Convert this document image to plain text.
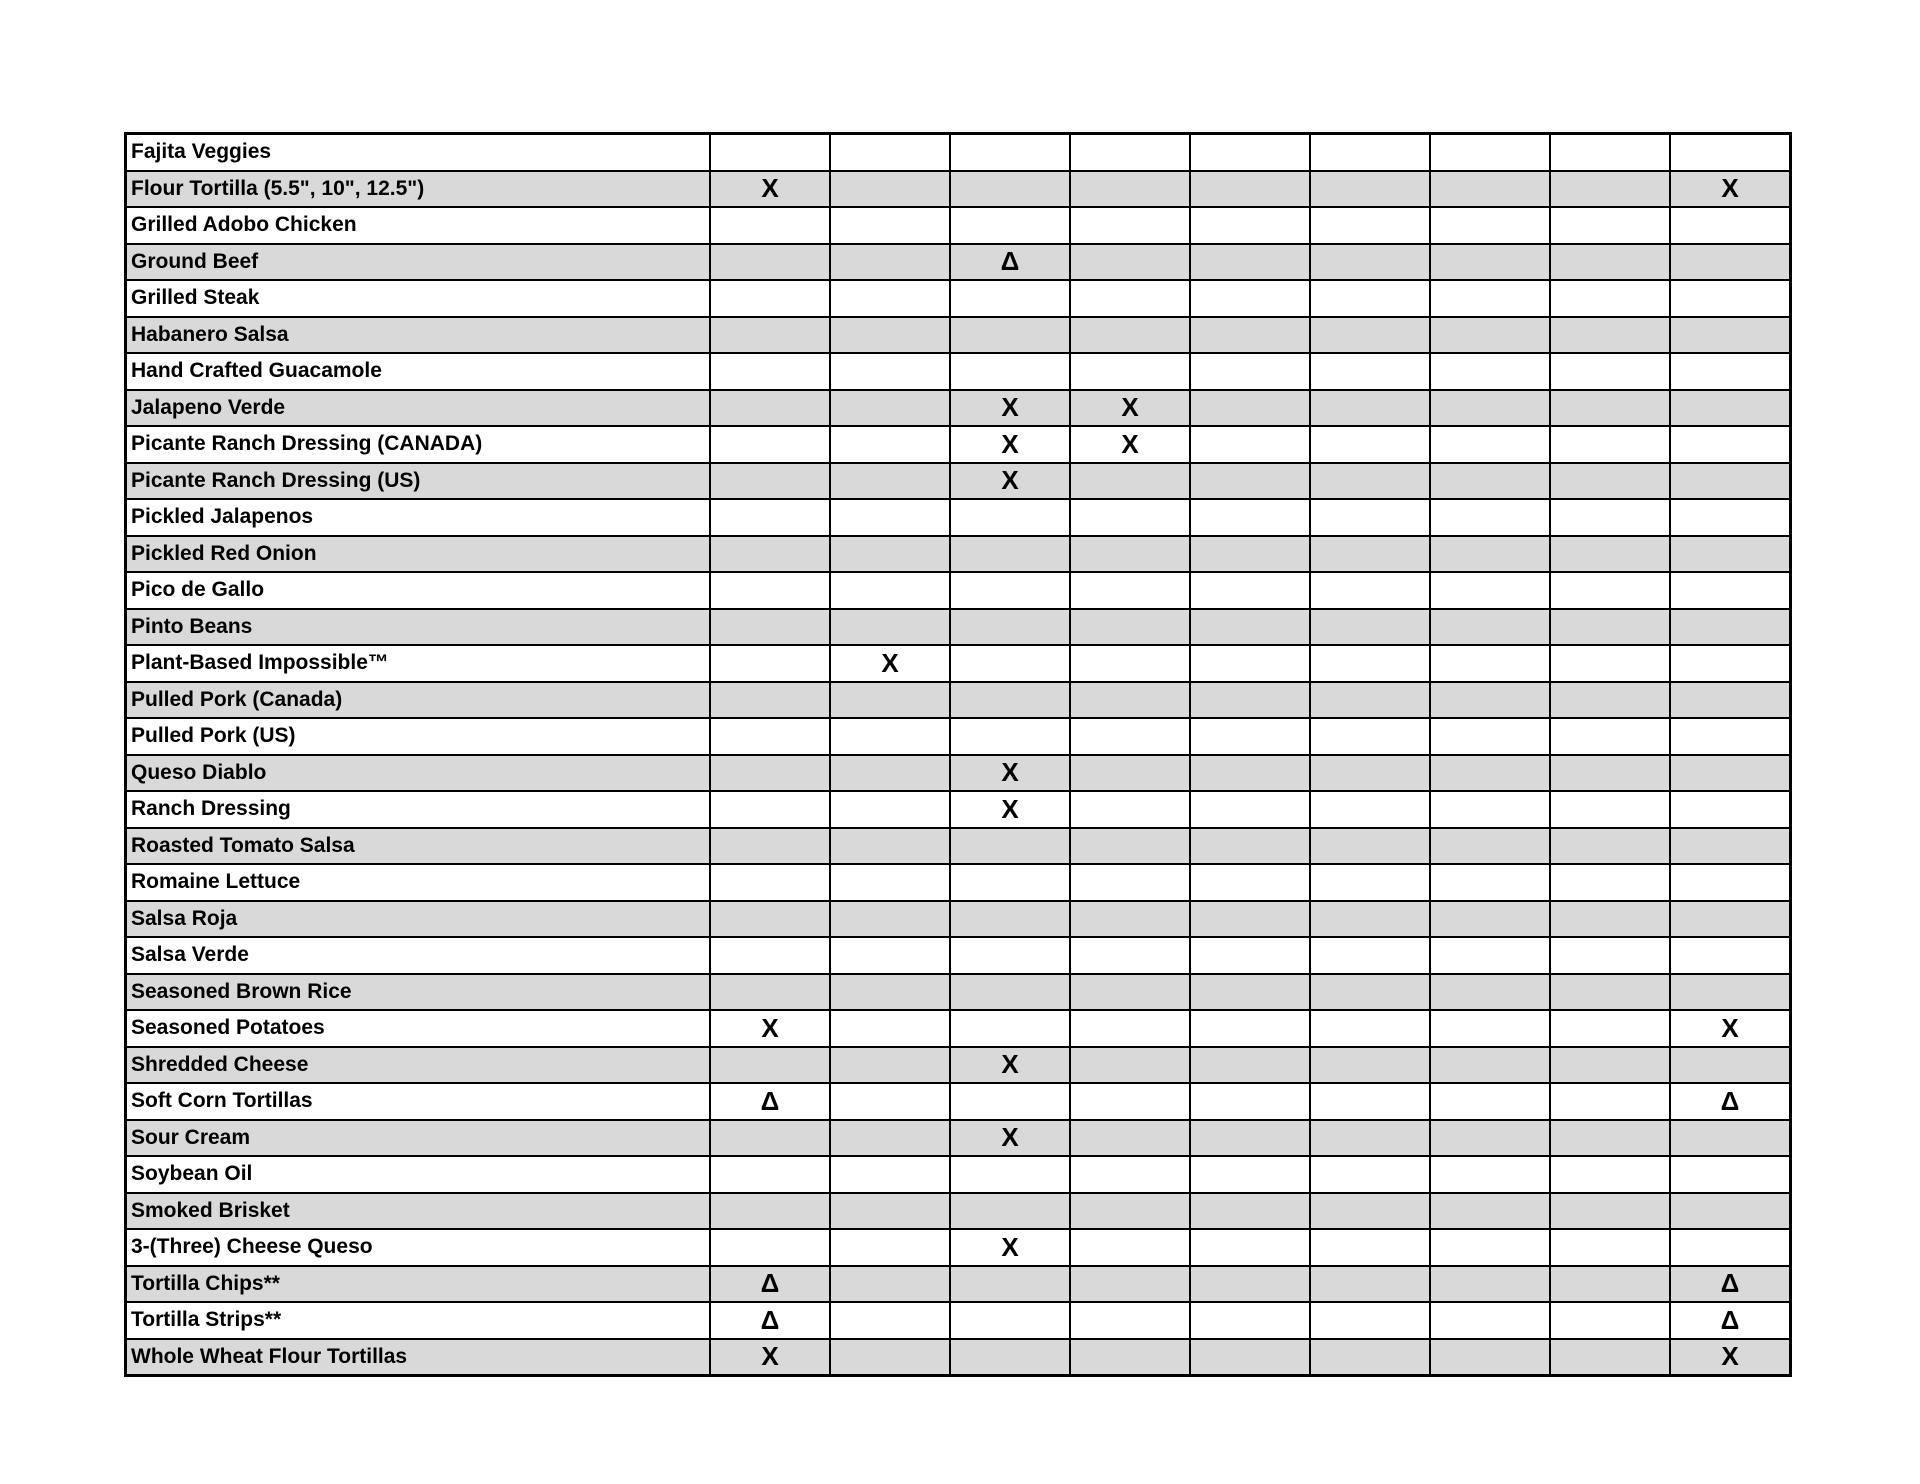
Fajita Veggies									
Flour Tortilla (5.5", 10", 12.5")	X								X
Grilled Adobo Chicken									
Ground Beef			Δ						
Grilled Steak									
Habanero Salsa									
Hand Crafted Guacamole									
Jalapeno Verde			X	X					
Picante Ranch Dressing (CANADA)			X	X					
Picante Ranch Dressing (US)			X						
Pickled Jalapenos									
Pickled Red Onion									
Pico de Gallo									
Pinto Beans									
Plant-Based Impossible™		X							
Pulled Pork (Canada)									
Pulled Pork (US)									
Queso Diablo			X						
Ranch Dressing			X						
Roasted Tomato Salsa									
Romaine Lettuce									
Salsa Roja									
Salsa Verde									
Seasoned Brown Rice									
Seasoned Potatoes	X								X
Shredded Cheese			X						
Soft Corn Tortillas	Δ								Δ
Sour Cream			X						
Soybean Oil									
Smoked Brisket									
3-(Three) Cheese Queso			X						
Tortilla Chips**	Δ								Δ
Tortilla Strips**	Δ								Δ
Whole Wheat Flour Tortillas	X								X
